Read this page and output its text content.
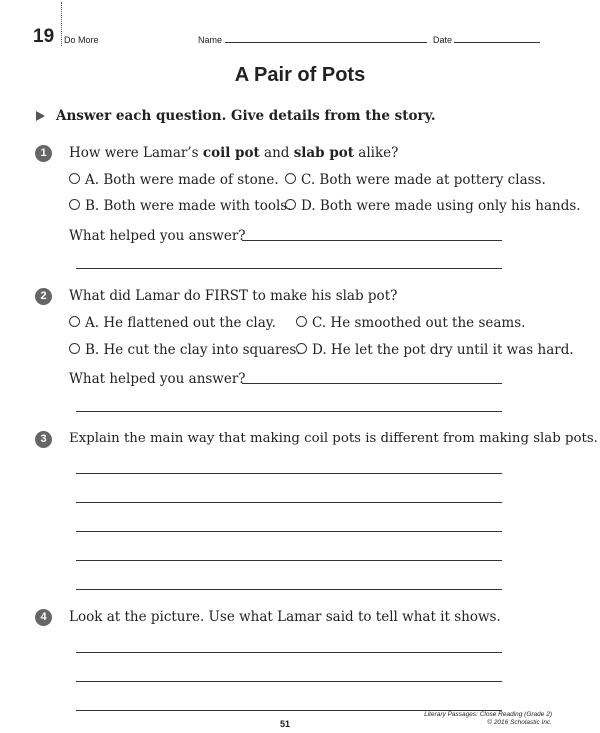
19 Do More	Name	Date
A Pair of Pots
Answer each question. Give details from the story.
1	How were Lamar’s coil pot and slab pot alike?
A. Both were made of stone.	C. Both were made at pottery class.
B. Both were made with tools. D. Both were made using only his hands.
What helped you answer?
2	What did Lamar do FIRST to make his slab pot?
A. He flattened out the clay.	C. He smoothed out the seams.
B. He cut the clay into squares. D. He let the pot dry until it was hard.
What helped you answer?
3	Explain the main way that making coil pots is different from making slab pots.
4	Look at the picture. Use what Lamar said to tell what it shows.
51
Literary Passages: Close Reading (Grade 2)
© 2016 Scholastic Inc.
